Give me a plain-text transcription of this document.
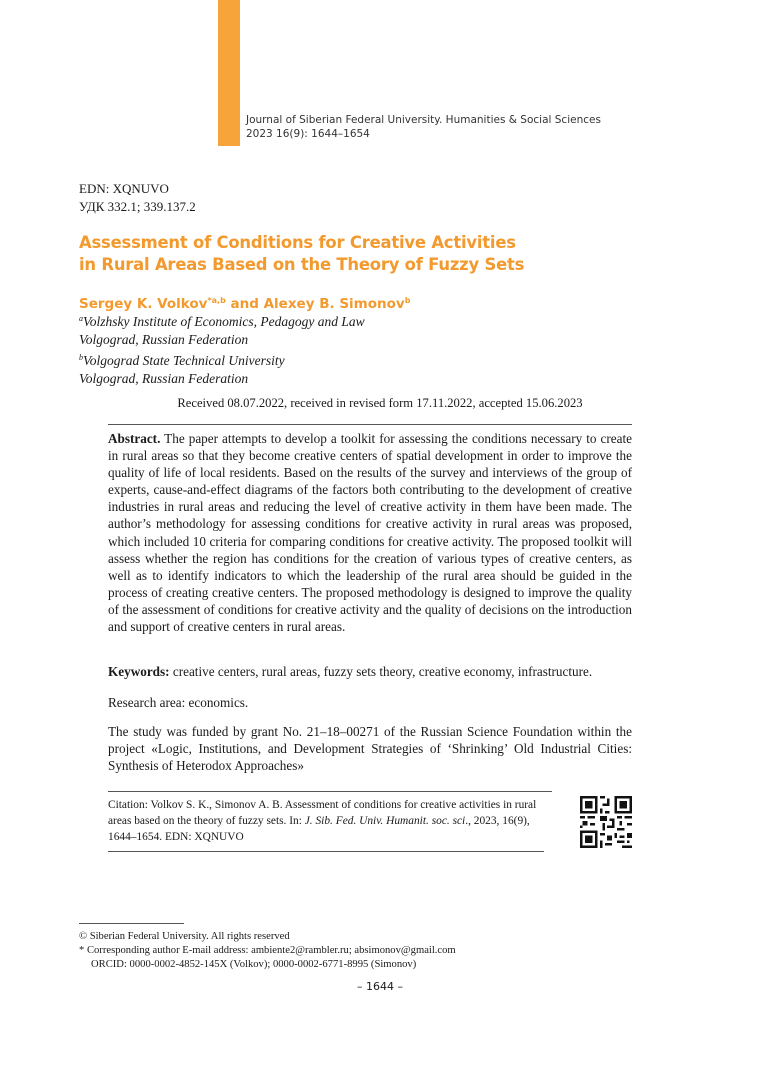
Journal of Siberian Federal University. Humanities & Social Sciences
2023 16(9): 1644–1654
EDN: XQNUVO
УДК 332.1; 339.137.2
Assessment of Conditions for Creative Activities
in Rural Areas Based on the Theory of Fuzzy Sets
Sergey K. Volkov$^{*a,b}$ and Alexey B. Simonov$^b$
$^a$Volzhsky Institute of Economics, Pedagogy and Law
Volgograd, Russian Federation
$^b$Volgograd State Technical University
Volgograd, Russian Federation
Received 08.07.2022, received in revised form 17.11.2022, accepted 15.06.2023

Abstract. The paper attempts to develop a toolkit for assessing the conditions necessary to create in rural areas so that they become creative centers of spatial development in order to improve the quality of life of local residents. Based on the results of the survey and interviews of the group of experts, cause-and-effect diagrams of the factors both contributing to the development of creative industries in rural areas and reducing the level of creative activity in them have been made. The author’s methodology for assessing conditions for creative activity in rural areas was proposed, which included 10 criteria for comparing conditions for creative activity. The proposed toolkit will assess whether the region has conditions for the creation of various types of creative centers, as well as to identify indicators to which the leadership of the rural area should be guided in the process of creating creative centers. The proposed methodology is designed to improve the quality of the assessment of conditions for creative activity and the quality of decisions on the introduction and support of creative centers in rural areas.

Keywords: creative centers, rural areas, fuzzy sets theory, creative economy, infrastructure.

Research area: economics.

The study was funded by grant No. 21–18–00271 of the Russian Science Foundation within the project «Logic, Institutions, and Development Strategies of ‘Shrinking’ Old Industrial Cities: Synthesis of Heterodox Approaches»

Citation: Volkov S. K., Simonov A. B. Assessment of conditions for creative activities in rural areas based on the theory of fuzzy sets. In: J. Sib. Fed. Univ. Humanit. soc. sci., 2023, 16(9), 1644–1654. EDN: XQNUVO
© Siberian Federal University. All rights reserved
* Corresponding author E-mail address: ambiente2@rambler.ru; absimonov@gmail.com
ORCID: 0000-0002-4852-145X (Volkov); 0000-0002-6771-8995 (Simonov)
– 1644 –
